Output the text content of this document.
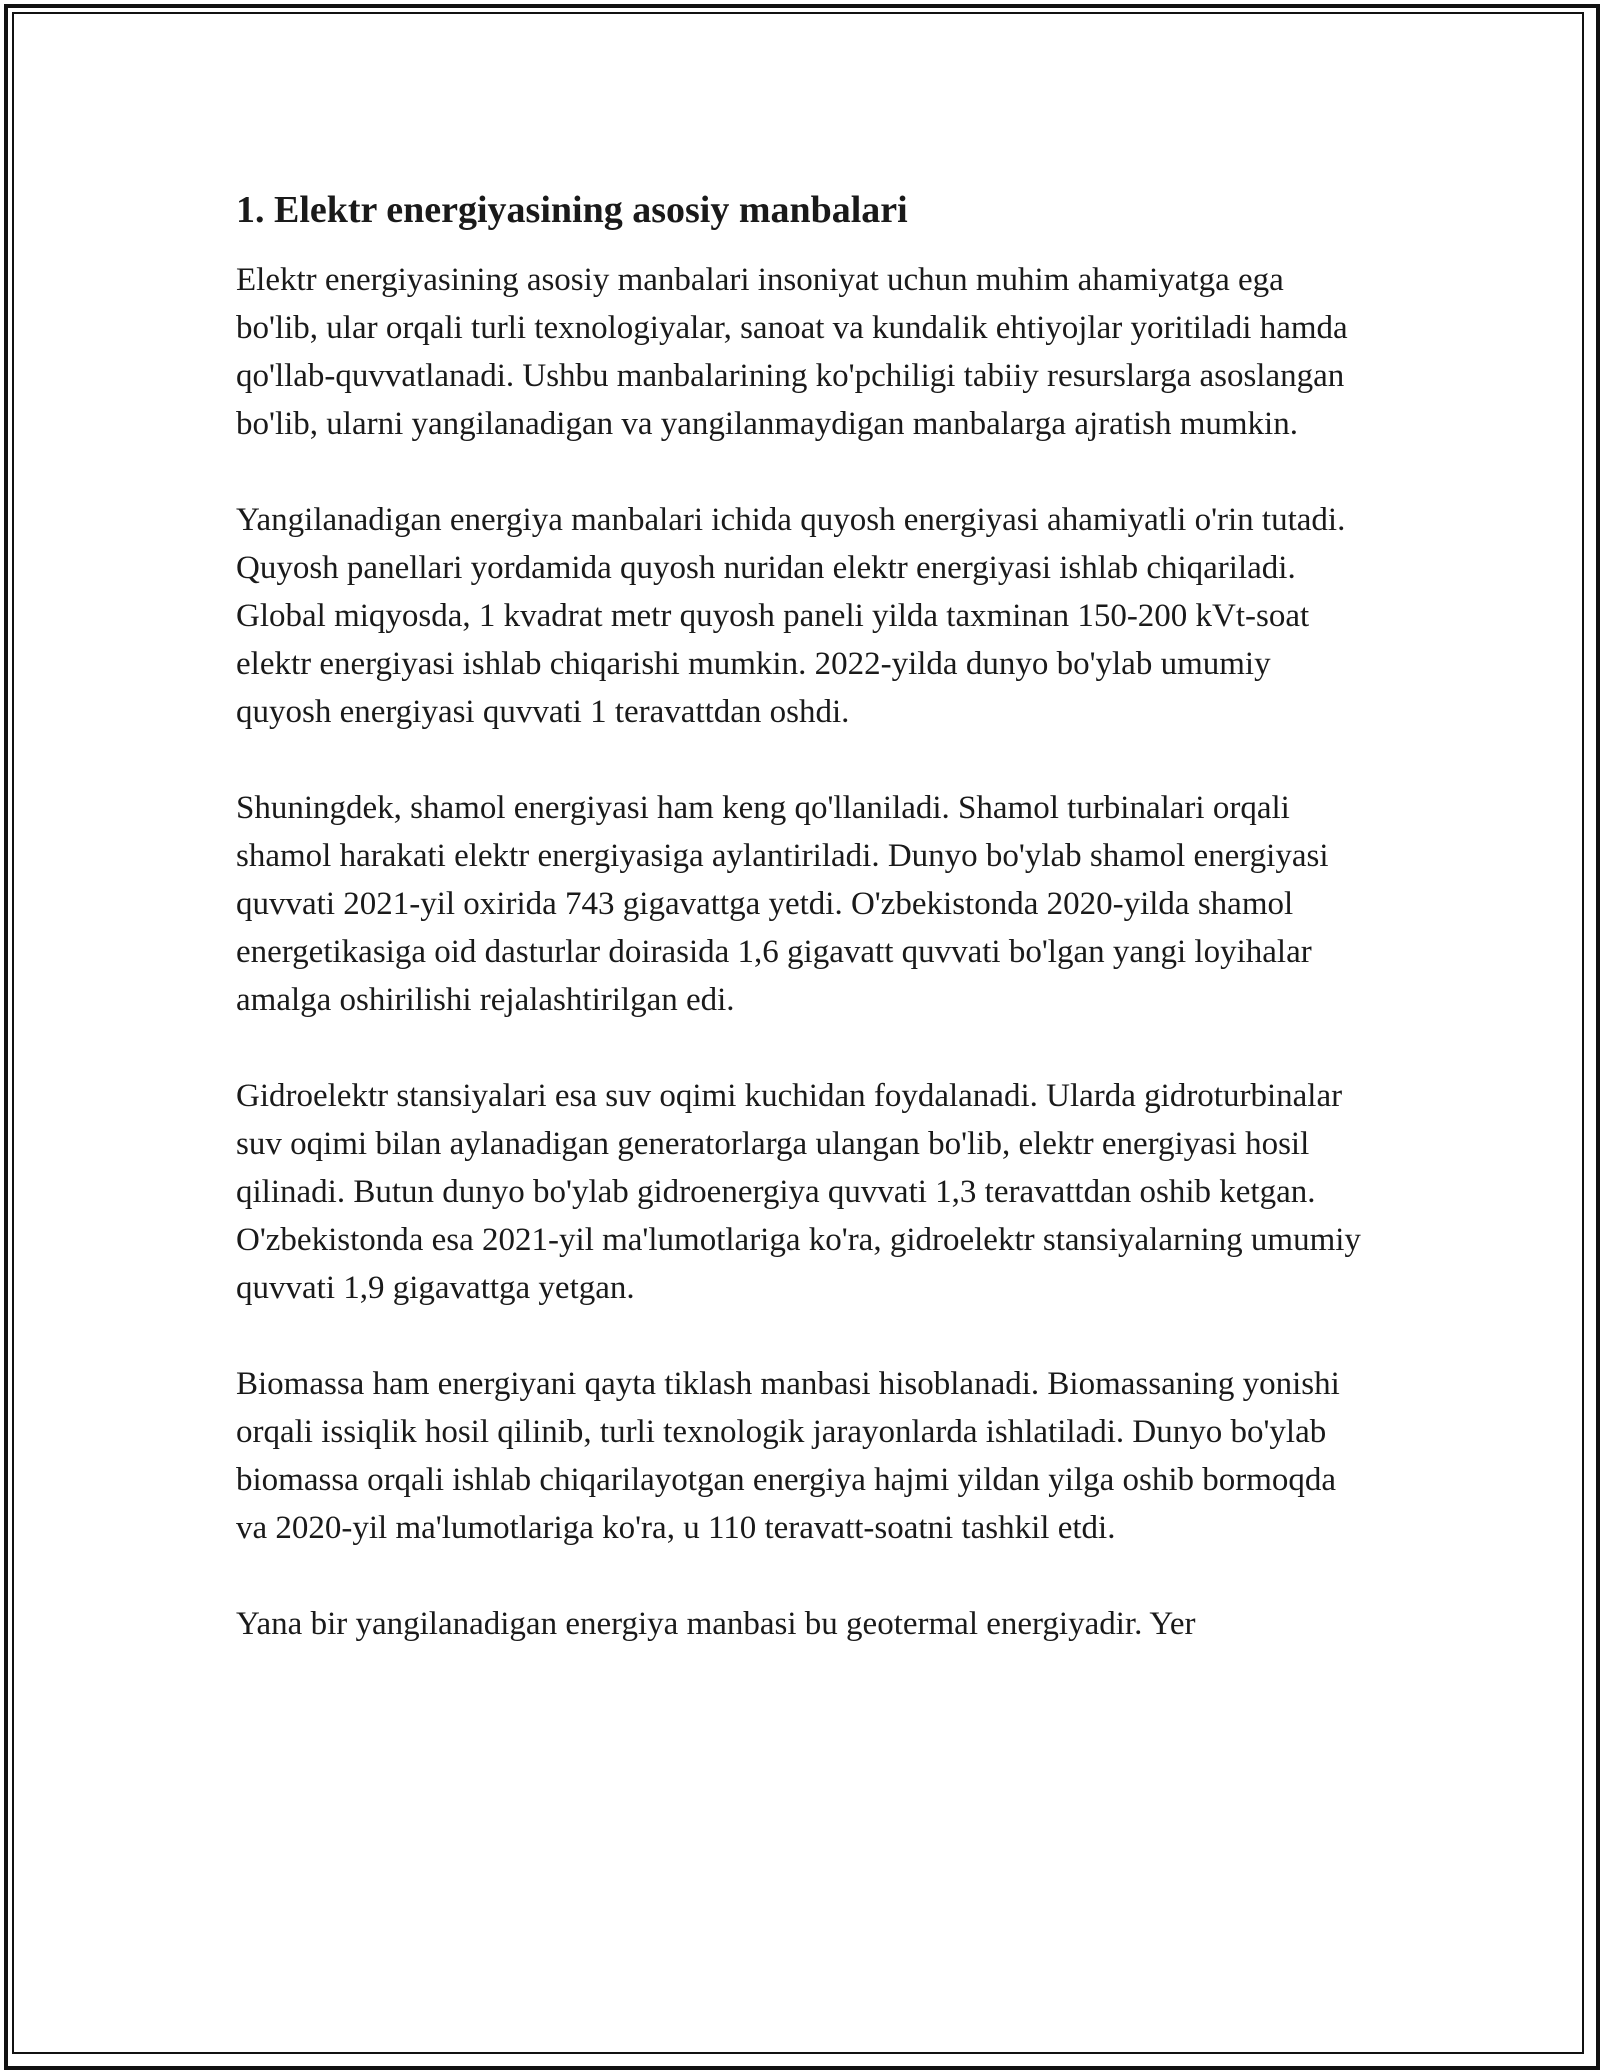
1. Elektr energiyasining asosiy manbalari

Elektr energiyasining asosiy manbalari insoniyat uchun muhim ahamiyatga ega bo'lib, ular orqali turli texnologiyalar, sanoat va kundalik ehtiyojlar yoritiladi hamda qo'llab-quvvatlanadi. Ushbu manbalarining ko'pchiligi tabiiy resurslarga asoslangan bo'lib, ularni yangilanadigan va yangilanmaydigan manbalarga ajratish mumkin.

Yangilanadigan energiya manbalari ichida quyosh energiyasi ahamiyatli o'rin tutadi. Quyosh panellari yordamida quyosh nuridan elektr energiyasi ishlab chiqariladi. Global miqyosda, 1 kvadrat metr quyosh paneli yilda taxminan 150-200 kVt-soat elektr energiyasi ishlab chiqarishi mumkin. 2022-yilda dunyo bo'ylab umumiy quyosh energiyasi quvvati 1 teravattdan oshdi.

Shuningdek, shamol energiyasi ham keng qo'llaniladi. Shamol turbinalari orqali shamol harakati elektr energiyasiga aylantiriladi. Dunyo bo'ylab shamol energiyasi quvvati 2021-yil oxirida 743 gigavattga yetdi. O'zbekistonda 2020-yilda shamol energetikasiga oid dasturlar doirasida 1,6 gigavatt quvvati bo'lgan yangi loyihalar amalga oshirilishi rejalashtirilgan edi.

Gidroelektr stansiyalari esa suv oqimi kuchidan foydalanadi. Ularda gidroturbinalar suv oqimi bilan aylanadigan generatorlarga ulangan bo'lib, elektr energiyasi hosil qilinadi. Butun dunyo bo'ylab gidroenergiya quvvati 1,3 teravattdan oshib ketgan. O'zbekistonda esa 2021-yil ma'lumotlariga ko'ra, gidroelektr stansiyalarning umumiy quvvati 1,9 gigavattga yetgan.

Biomassa ham energiyani qayta tiklash manbasi hisoblanadi. Biomassaning yonishi orqali issiqlik hosil qilinib, turli texnologik jarayonlarda ishlatiladi. Dunyo bo'ylab biomassa orqali ishlab chiqarilayotgan energiya hajmi yildan yilga oshib bormoqda va 2020-yil ma'lumotlariga ko'ra, u 110 teravatt-soatni tashkil etdi.

Yana bir yangilanadigan energiya manbasi bu geotermal energiyadir. Yer
